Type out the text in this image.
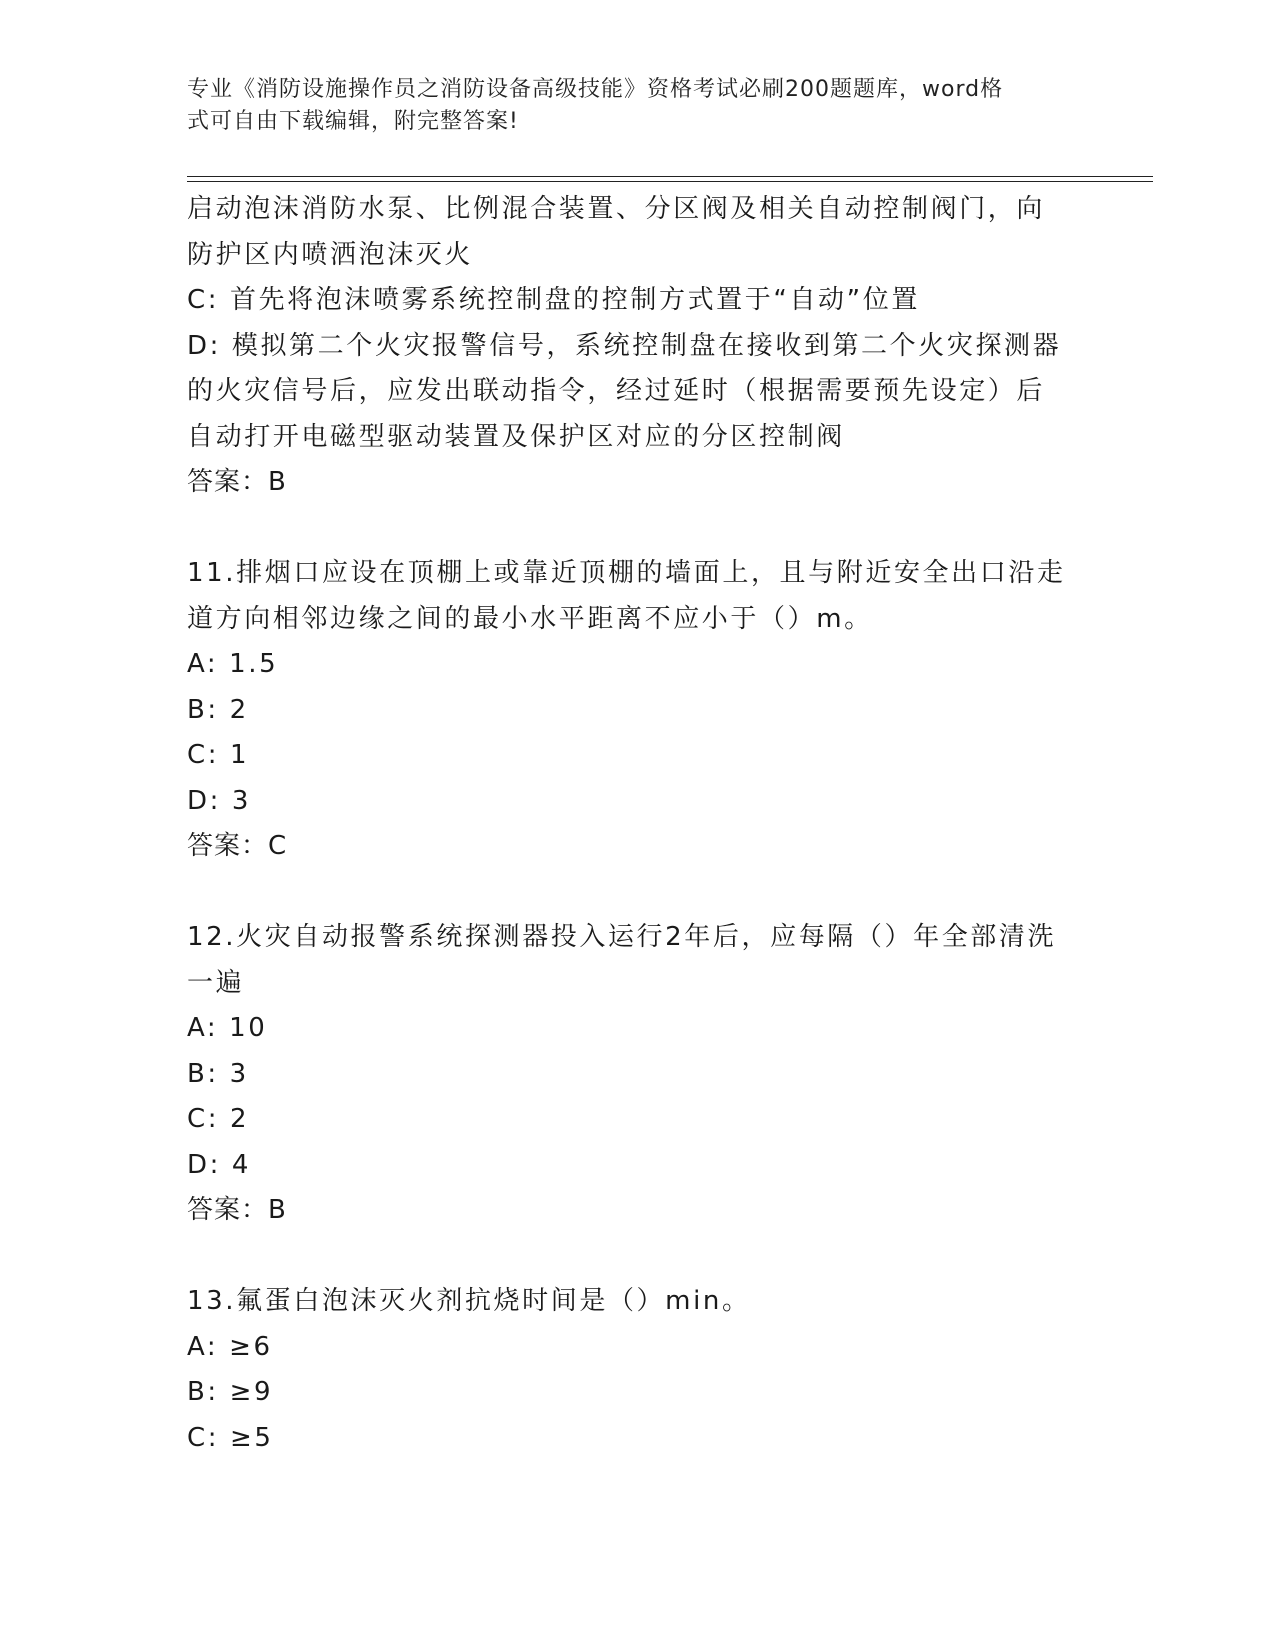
专业《消防设施操作员之消防设备高级技能》资格考试必刷200题题库，word格
式可自由下载编辑，附完整答案!
启动泡沫消防水泵、比例混合装置、分区阀及相关自动控制阀门，向
防护区内喷洒泡沫灭火
C: 首先将泡沫喷雾系统控制盘的控制方式置于“自动”位置
D: 模拟第二个火灾报警信号，系统控制盘在接收到第二个火灾探测器
的火灾信号后，应发出联动指令，经过延时（根据需要预先设定）后
自动打开电磁型驱动装置及保护区对应的分区控制阀
答案：B
11.排烟口应设在顶棚上或靠近顶棚的墙面上，且与附近安全出口沿走
道方向相邻边缘之间的最小水平距离不应小于（）m。
A: 1.5
B: 2
C: 1
D: 3
答案：C
12.火灾自动报警系统探测器投入运行2年后，应每隔（）年全部清洗
一遍
A: 10
B: 3
C: 2
D: 4
答案：B
13.氟蛋白泡沫灭火剂抗烧时间是（）min。
A: ≥6
B: ≥9
C: ≥5
